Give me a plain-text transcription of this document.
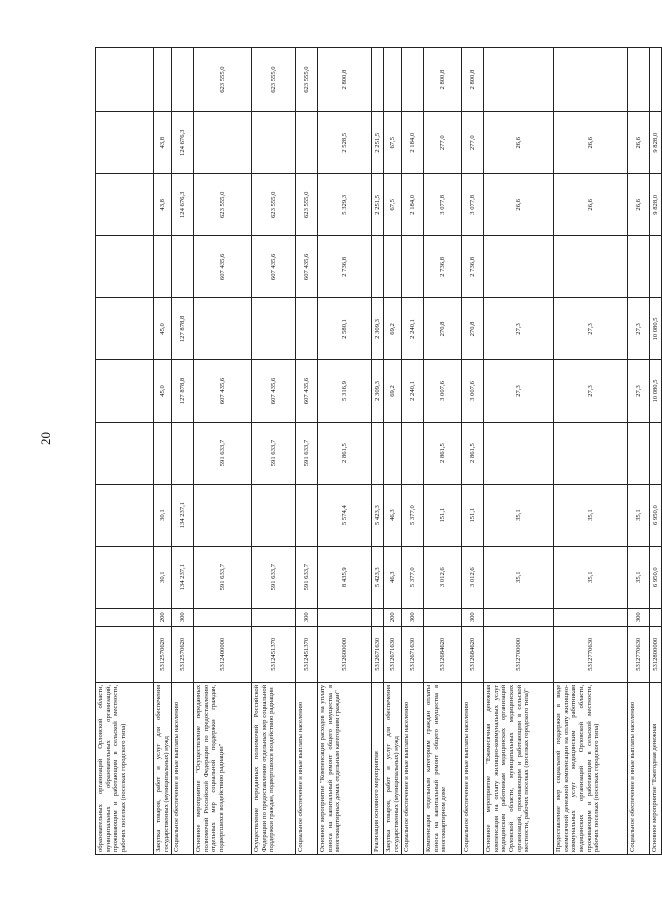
20
образовательных организаций Орловской области, муниципальных образовательных организаций, проживающим и работающим в сельской местности, рабочих поселках (поселках городского типа)											
Закупка товаров, работ и услуг для обеспечения государственных (муниципальных) нужд	5312570620	200	30,1	30,1		45,0	45,0		43,8	43,8	
Социальное обеспечение и иные выплаты населению	5312570620	300	134 237,1	134 237,1		127 878,8	127 878,8		124 676,3	124 676,3	
Основное мероприятие "Осуществление переданных полномочий Российской Федерации по предоставлению отдельных мер социальной поддержки граждан, подвергшихся воздействию радиации"	5312400000		591 633,7		591 633,7	607 435,6		607 435,6	623 555,0		623 555,0
Осуществление переданных полномочий Российской Федерации по предоставлению отдельных мер социальной поддержки граждан, подвергшихся воздействию радиации	5312451370		591 633,7		591 633,7	607 435,6		607 435,6	623 555,0		623 555,0
Социальное обеспечение и иные выплаты населению	5312451370	300	591 633,7		591 633,7	607 435,6		607 435,6	623 555,0		623 555,0
Основное мероприятие "Компенсация расходов на уплату взноса на капитальный ремонт общего имущества в многоквартирных домах отдельным категориям граждан"	5312600000		8 435,9	5 574,4	2 861,5	5 316,9	2 580,1	2 736,8	5 329,3	2 528,5	2 800,8
Реализация основного мероприятия	5312671630		5 423,3	5 423,3		2 309,3	2 309,3		2 251,5	2 251,5	
Закупка товаров, работ и услуг для обеспечения государственных (муниципальных) нужд	5312671630	200	46,3	46,3		69,2	69,2		67,5	67,5	
Социальное обеспечение и иные выплаты населению	5312671630	300	5 377,0	5 377,0		2 240,1	2 240,1		2 184,0	2 184,0	
Компенсация отдельным категориям граждан оплаты взноса на капитальный ремонт общего имущества в многоквартирном доме	5312684620		3 012,6	151,1	2 861,5	3 007,6	270,8	2 736,8	3 077,8	277,0	2 800,8
Социальное обеспечение и иные выплаты населению	5312684620	300	3 012,6	151,1	2 861,5	3 007,6	270,8	2 736,8	3 077,8	277,0	2 800,8
Основное мероприятие "Ежемесячная денежная компенсация на оплату жилищно-коммунальных услуг медицинским работникам медицинских организаций Орловской области, муниципальных медицинских организаций, проживающим и работающим в сельской местности, рабочих поселках (поселках городского типа)"	5312700000		35,1	35,1		27,3	27,3		26,6	26,6	
Предоставление мер социальной поддержки в виде ежемесячной денежной компенсации на оплату жилищно-коммунальных услуг медицинским работникам медицинских организаций Орловской области, проживающим и работающим в сельской местности, рабочих поселках (поселках городского типа)	5312770630		35,1	35,1		27,3	27,3		26,6	26,6	
Социальное обеспечение и иные выплаты населению	5312770630	300	35,1	35,1		27,3	27,3		26,6	26,6	
Основное мероприятие "Ежегодная денежная	5312800000		6 950,0	6 950,0		10 080,5	10 080,5		9 828,0	9 828,0	
